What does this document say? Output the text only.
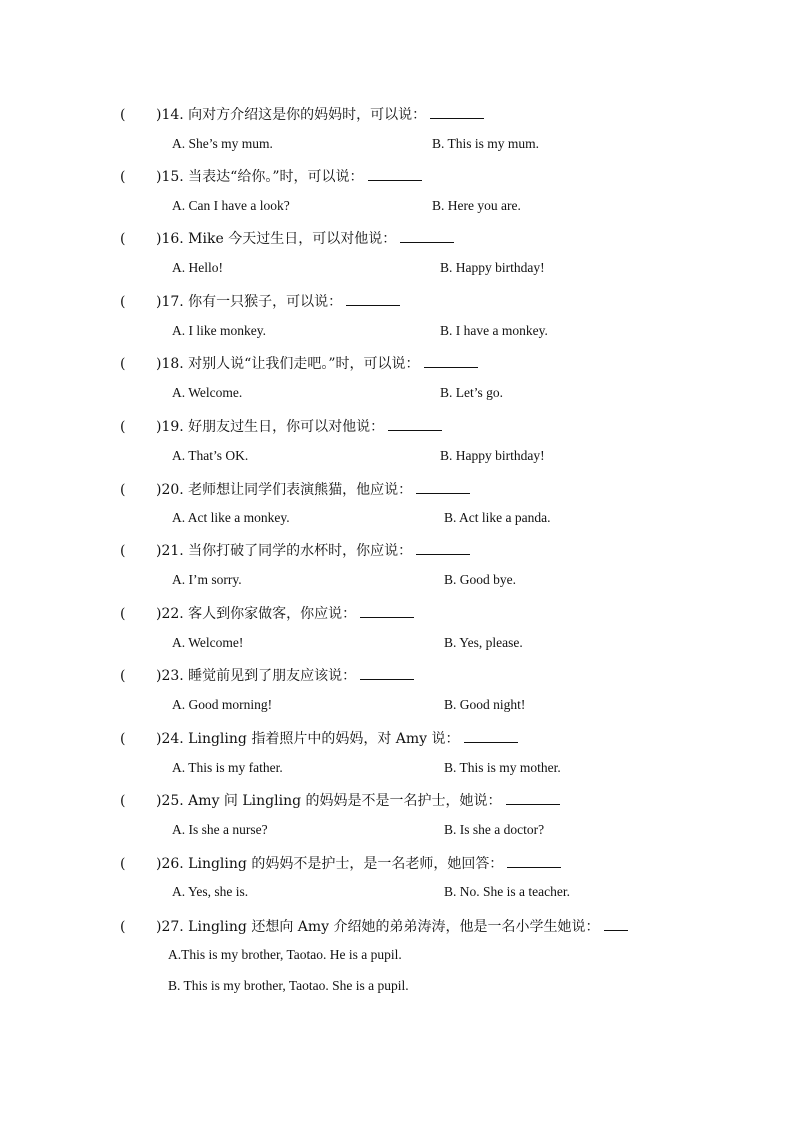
( )14. 向对方介绍这是你的妈妈时，可以说：
A. She’s my mum.	B. This is my mum.
( )15. 当表达“给你。”时，可以说：
A. Can I have a look?	B. Here you are.
( )16. Mike 今天过生日，可以对他说：
A. Hello!	B. Happy birthday!
( )17. 你有一只猴子，可以说：
A. I like monkey.	B. I have a monkey.
( )18. 对别人说“让我们走吧。”时，可以说：
A. Welcome.	B. Let’s go.
( )19. 好朋友过生日，你可以对他说：
A. That’s OK.	B. Happy birthday!
( )20. 老师想让同学们表演熊猫，他应说：
A. Act like a monkey.	B. Act like a panda.
( )21. 当你打破了同学的水杯时，你应说：
A. I’m sorry.	B. Good bye.
( )22. 客人到你家做客，你应说：
A. Welcome!	B. Yes, please.
( )23. 睡觉前见到了朋友应该说：
A. Good morning!	B. Good night!
( )24. Lingling 指着照片中的妈妈，对 Amy 说：
A. This is my father.	B. This is my mother.
( )25. Amy 问 Lingling 的妈妈是不是一名护士，她说：
A. Is she a nurse?	B. Is she a doctor?
( )26. Lingling 的妈妈不是护士，是一名老师，她回答：
A. Yes, she is.	B. No. She is a teacher.
( )27. Lingling 还想向 Amy 介绍她的弟弟涛涛，他是一名小学生她说：
A.This is my brother, Taotao. He is a pupil.
B. This is my brother, Taotao. She is a pupil.
